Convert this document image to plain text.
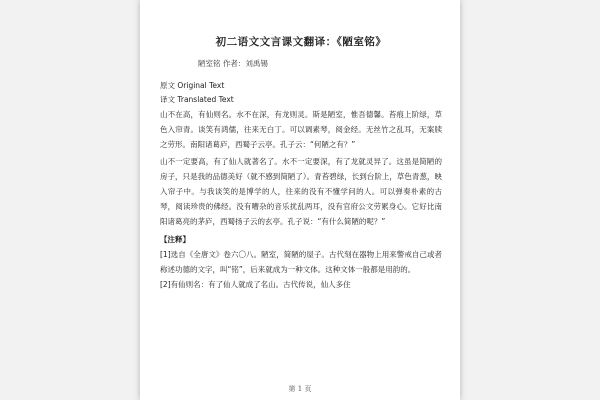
初二语文文言课文翻译：《陋室铭》

陋室铭 作者：刘禹锡

原文 Original Text

译文 Translated Text

山不在高，有仙则名。水不在深，有龙则灵。斯是陋室，惟吾德馨。苔痕上阶绿，草色入帘青。谈笑有鸿儒，往来无白丁。可以调素琴，阅金经。无丝竹之乱耳，无案牍之劳形。南阳诸葛庐，西蜀子云亭。孔子云：“何陋之有？”

山不一定要高，有了仙人就著名了。水不一定要深，有了龙就灵异了。这虽是简陋的房子，只是我的品德美好（就不感到简陋了）。青苔碧绿，长到台阶上，草色青葱，映入帘子中。与我谈笑的是博学的人，往来的没有不懂学问的人。可以弹奏朴素的古琴，阅读珍贵的佛经。没有嘈杂的音乐扰乱两耳，没有官府公文劳累身心。它好比南阳诸葛亮的茅庐，西蜀扬子云的玄亭。孔子说：“有什么简陋的呢？”

【注释】

[1]选自《全唐文》卷六〇八。陋室，简陋的屋子。古代刻在器物上用来警戒自己或者称述功德的文字，叫“铭”，后来就成为一种文体。这种文体一般都是用韵的。

[2]有仙则名：有了仙人就成了名山。古代传说，仙人多住

第 1 页
